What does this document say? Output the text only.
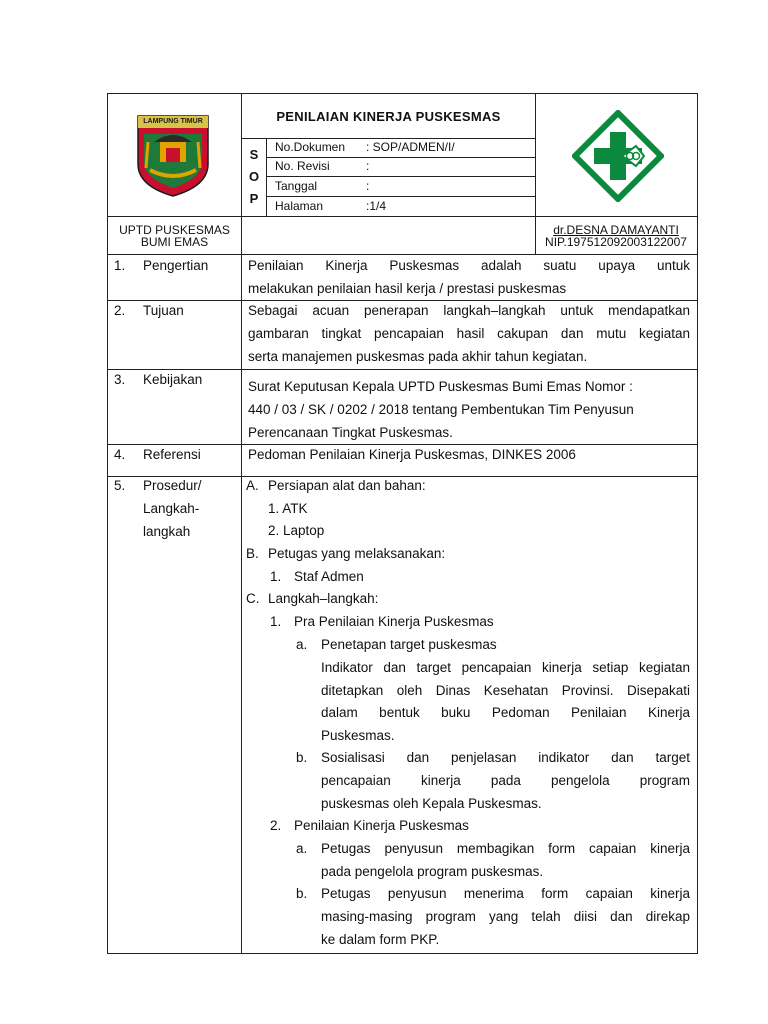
LAMPUNG TIMUR	PENILAIAN KINERJA PUSKESMAS
S
O
P
No.Dokumen : SOP/ADMEN/I/
No. Revisi	:
Tanggal	:
Halaman	:1/4
UPTD PUSKESMAS
BUMI EMAS
dr.DESNA DAMAYANTI
NIP.197512092003122007
1. Pengertian	Penilaian Kinerja Puskesmas adalah suatu upaya untuk
melakukan penilaian hasil kerja / prestasi puskesmas
2. Tujuan	Sebagai acuan penerapan langkah–langkah untuk mendapatkan
gambaran tingkat pencapaian hasil cakupan dan mutu kegiatan
serta manajemen puskesmas pada akhir tahun kegiatan.
3. Kebijakan	Surat Keputusan Kepala UPTD Puskesmas Bumi Emas Nomor :
440 / 03 / SK / 0202 / 2018 tentang Pembentukan Tim Penyusun
Perencanaan Tingkat Puskesmas.
4. Referensi	Pedoman Penilaian Kinerja Puskesmas, DINKES 2006
5. Prosedur/
Langkah-
langkah
A. Persiapan alat dan bahan:
1. ATK
2. Laptop
B. Petugas yang melaksanakan:
1. Staf Admen
C. Langkah–langkah:
1. Pra Penilaian Kinerja Puskesmas
a. Penetapan target puskesmas
Indikator dan target pencapaian kinerja setiap kegiatan
ditetapkan oleh Dinas Kesehatan Provinsi. Disepakati
dalam bentuk buku Pedoman Penilaian Kinerja
Puskesmas.
b. Sosialisasi dan penjelasan indikator dan target
pencapaian kinerja pada pengelola program
puskesmas oleh Kepala Puskesmas.
2. Penilaian Kinerja Puskesmas
a. Petugas penyusun membagikan form capaian kinerja
pada pengelola program puskesmas.
b. Petugas penyusun menerima form capaian kinerja
masing-masing program yang telah diisi dan direkap
ke dalam form PKP.
